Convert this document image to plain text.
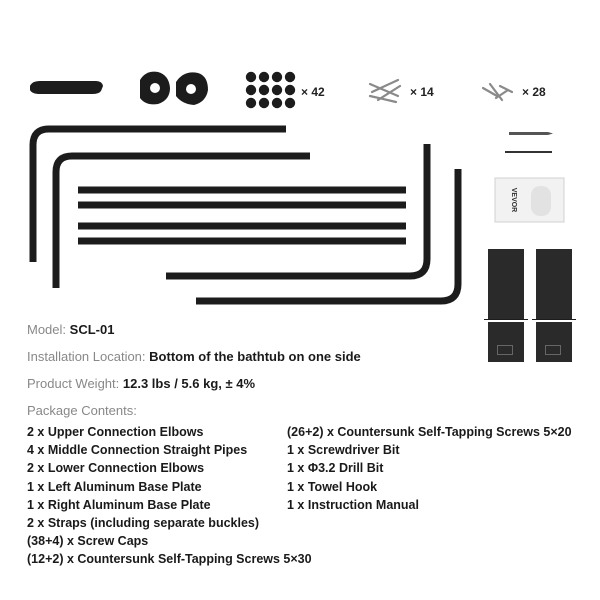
VEVOR
× 42	× 14	× 28
Model: SCL-01
Installation Location: Bottom of the bathtub on one side
Product Weight: 12.3 lbs / 5.6 kg, ± 4%
Package Contents:
2 x Upper Connection Elbows
4 x Middle Connection Straight Pipes
2 x Lower Connection Elbows
1 x Left Aluminum Base Plate
1 x Right Aluminum Base Plate
2 x Straps (including separate buckles)
(38+4) x Screw Caps
(12+2) x Countersunk Self-Tapping Screws 5×30
(26+2) x Countersunk Self-Tapping Screws 5×20
1 x Screwdriver Bit
1 x Φ3.2 Drill Bit
1 x Towel Hook
1 x Instruction Manual
